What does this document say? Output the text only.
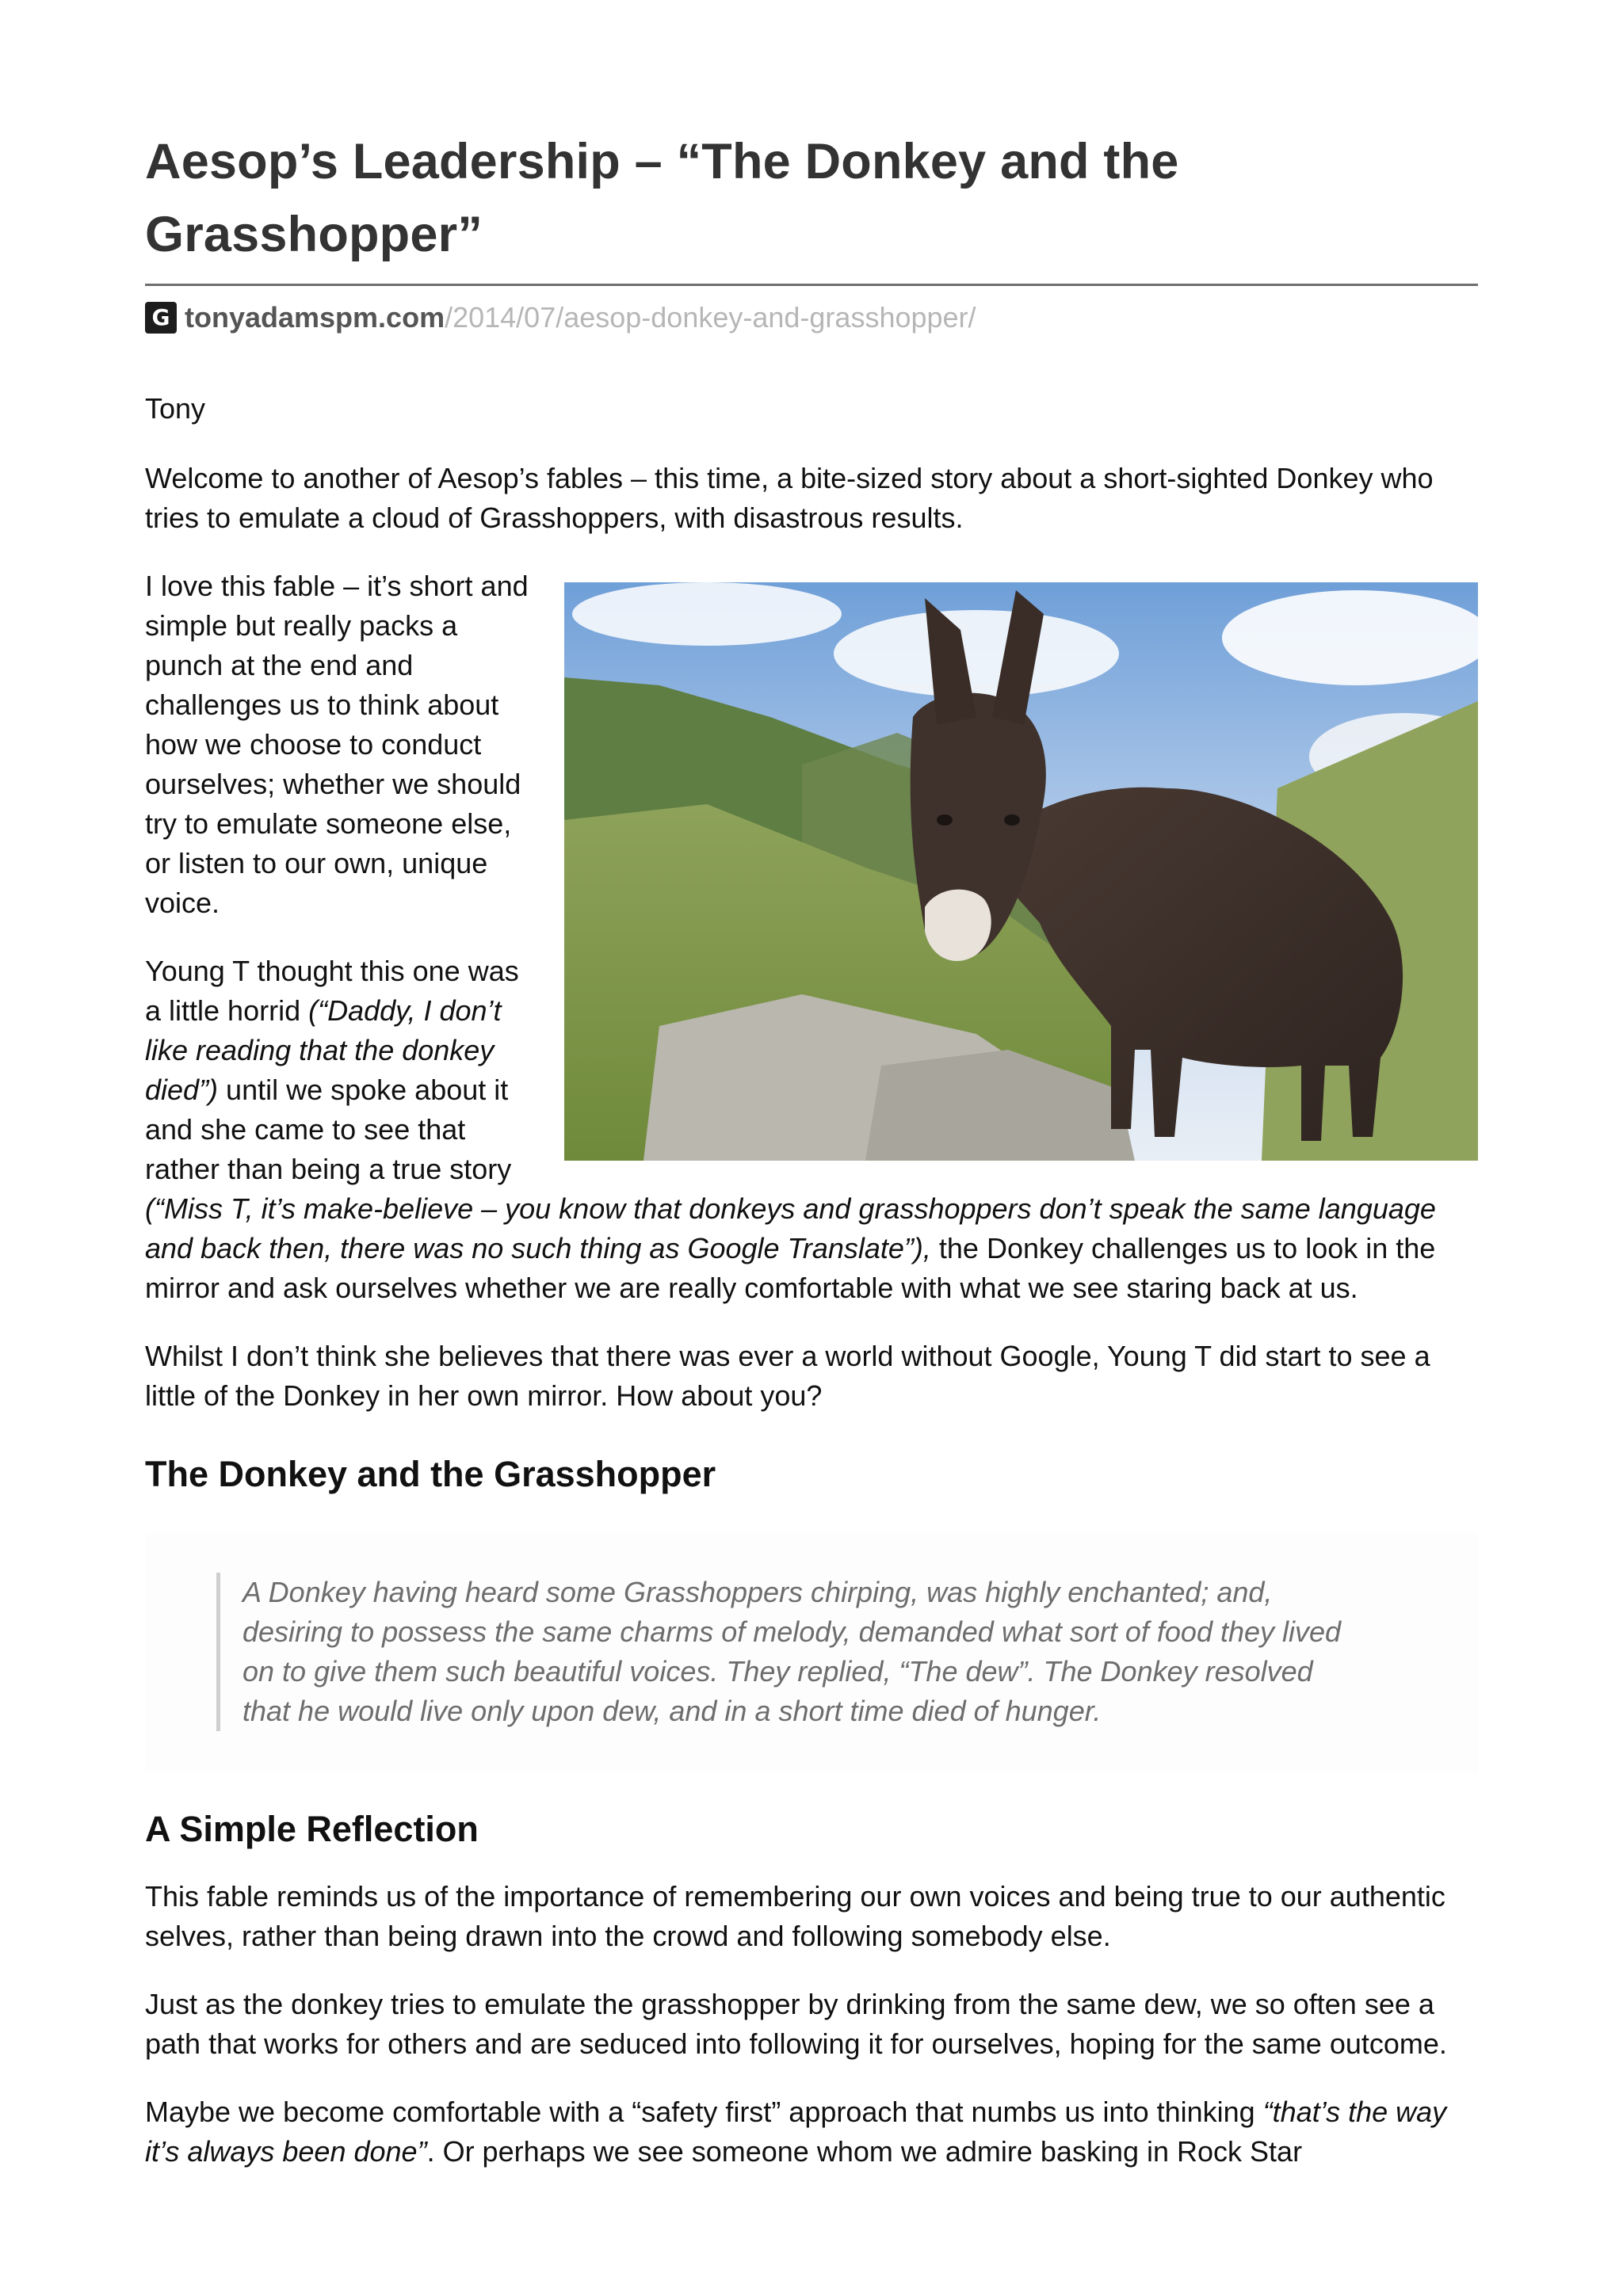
Aesop’s Leadership – “The Donkey and the Grasshopper”
G tonyadamspm.com /2014/07/aesop-donkey-and-grasshopper/

Tony

Welcome to another of Aesop’s fables – this time, a bite-sized story about a short-sighted Donkey who tries to emulate a cloud of Grasshoppers, with disastrous results.

I love this fable – it’s short and simple but really packs a punch at the end and challenges us to think about how we choose to conduct ourselves; whether we should try to emulate someone else, or listen to our own, unique voice.

Young T thought this one was a little horrid (“Daddy, I don’t like reading that the donkey died”) until we spoke about it and she came to see that rather than being a true story (“Miss T, it’s make-believe – you know that donkeys and grasshoppers don’t speak the same language and back then, there was no such thing as Google Translate”), the Donkey challenges us to look in the mirror and ask ourselves whether we are really comfortable with what we see staring back at us.

Whilst I don’t think she believes that there was ever a world without Google, Young T did start to see a little of the Donkey in her own mirror. How about you?

The Donkey and the Grasshopper
A Donkey having heard some Grasshoppers chirping, was highly enchanted; and, desiring to possess the same charms of melody, demanded what sort of food they lived on to give them such beautiful voices. They replied, “The dew”. The Donkey resolved that he would live only upon dew, and in a short time died of hunger.
A Simple Reflection

This fable reminds us of the importance of remembering our own voices and being true to our authentic selves, rather than being drawn into the crowd and following somebody else.

Just as the donkey tries to emulate the grasshopper by drinking from the same dew, we so often see a path that works for others and are seduced into following it for ourselves, hoping for the same outcome.

Maybe we become comfortable with a “safety first” approach that numbs us into thinking “that’s the way it’s always been done”. Or perhaps we see someone whom we admire basking in Rock Star
